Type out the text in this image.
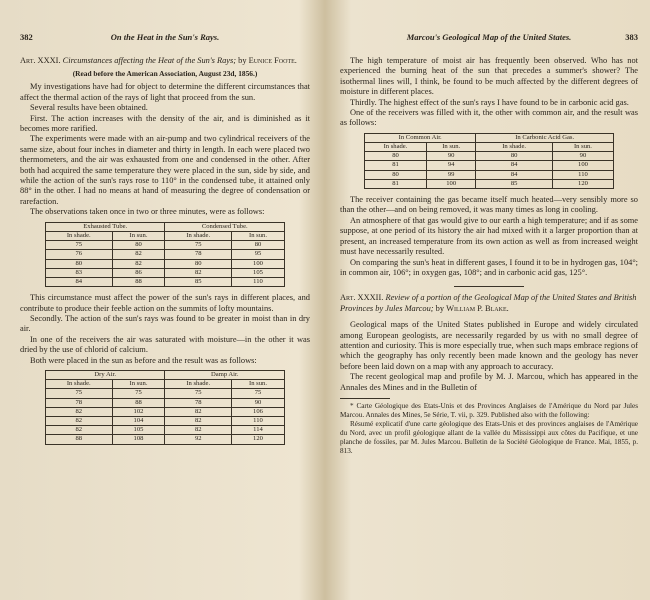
382	On the Heat in the Sun's Rays.
Art. XXXI. Circumstances affecting the Heat of the Sun's Rays; by Eunice Foote.
(Read before the American Association, August 23d, 1856.)

My investigations have had for object to determine the different circumstances that affect the thermal action of the rays of light that proceed from the sun.

Several results have been obtained.

First. The action increases with the density of the air, and is diminished as it becomes more rarified.

The experiments were made with an air-pump and two cylindrical receivers of the same size, about four inches in diameter and thirty in length. In each were placed two thermometers, and the air was exhausted from one and condensed in the other. After both had acquired the same temperature they were placed in the sun, side by side, and while the action of the sun's rays rose to 110° in the condensed tube, it attained only 88° in the other. I had no means at hand of measuring the degree of condensation or rarefaction.

The observations taken once in two or three minutes, were as follows:

Exhausted Tube.		Condensed Tube.	
In shade.	In sun.	In shade.	In sun.
75	80	75	80
76	82	78	95
80	82	80	100
83	86	82	105
84	88	85	110

This circumstance must affect the power of the sun's rays in different places, and contribute to produce their feeble action on the summits of lofty mountains.

Secondly. The action of the sun's rays was found to be greater in moist than in dry air.

In one of the receivers the air was saturated with moisture—in the other it was dried by the use of chlorid of calcium.

Both were placed in the sun as before and the result was as follows:

Dry Air.		Damp Air.	
In shade.	In sun.	In shade.	In sun.
75	75	75	75
78	88	78	90
82	102	82	106
82	104	82	110
82	105	82	114
88	108	92	120
Marcou's Geological Map of the United States.	383

The high temperature of moist air has frequently been observed. Who has not experienced the burning heat of the sun that precedes a summer's shower? The isothermal lines will, I think, be found to be much affected by the different degrees of moisture in different places.

Thirdly. The highest effect of the sun's rays I have found to be in carbonic acid gas.

One of the receivers was filled with it, the other with common air, and the result was as follows:

In Common Air.		In Carbonic Acid Gas.	
In shade.	In sun.	In shade.	In sun.
80	90	80	90
81	94	84	100
80	99	84	110
81	100	85	120

The receiver containing the gas became itself much heated—very sensibly more so than the other—and on being removed, it was many times as long in cooling.

An atmosphere of that gas would give to our earth a high temperature; and if as some suppose, at one period of its history the air had mixed with it a larger proportion than at present, an increased temperature from its own action as well as from increased weight must have necessarily resulted.

On comparing the sun's heat in different gases, I found it to be in hydrogen gas, 104°; in common air, 106°; in oxygen gas, 108°; and in carbonic acid gas, 125°.

Art. XXXII. Review of a portion of the Geological Map of the United States and British Provinces by Jules Marcou; by William P. Blake.

Geological maps of the United States published in Europe and widely circulated among European geologists, are necessarily regarded by us with no small degree of attention and curiosity. This is more especially true, when such maps embrace regions of which the geography has only recently been made known and the geology has never before been laid down on a map with any approach to accuracy.

The recent geological map and profile by M. J. Marcou, which has appeared in the Annales des Mines and in the Bulletin of

* Carte Géologique des Etats-Unis et des Provinces Anglaises de l'Amérique du Nord par Jules Marcou. Annales des Mines, 5e Série, T. vii, p. 329. Published also with the following:

Résumé explicatif d'une carte géologique des Etats-Unis et des provinces anglaises de l'Amérique du Nord, avec un profil géologique allant de la vallée du Mississippi aux côtes du Pacifique, et une planche de fossiles, par M. Jules Marcou. Bulletin de la Société Géologique de France. Mai, 1855, p. 813.
